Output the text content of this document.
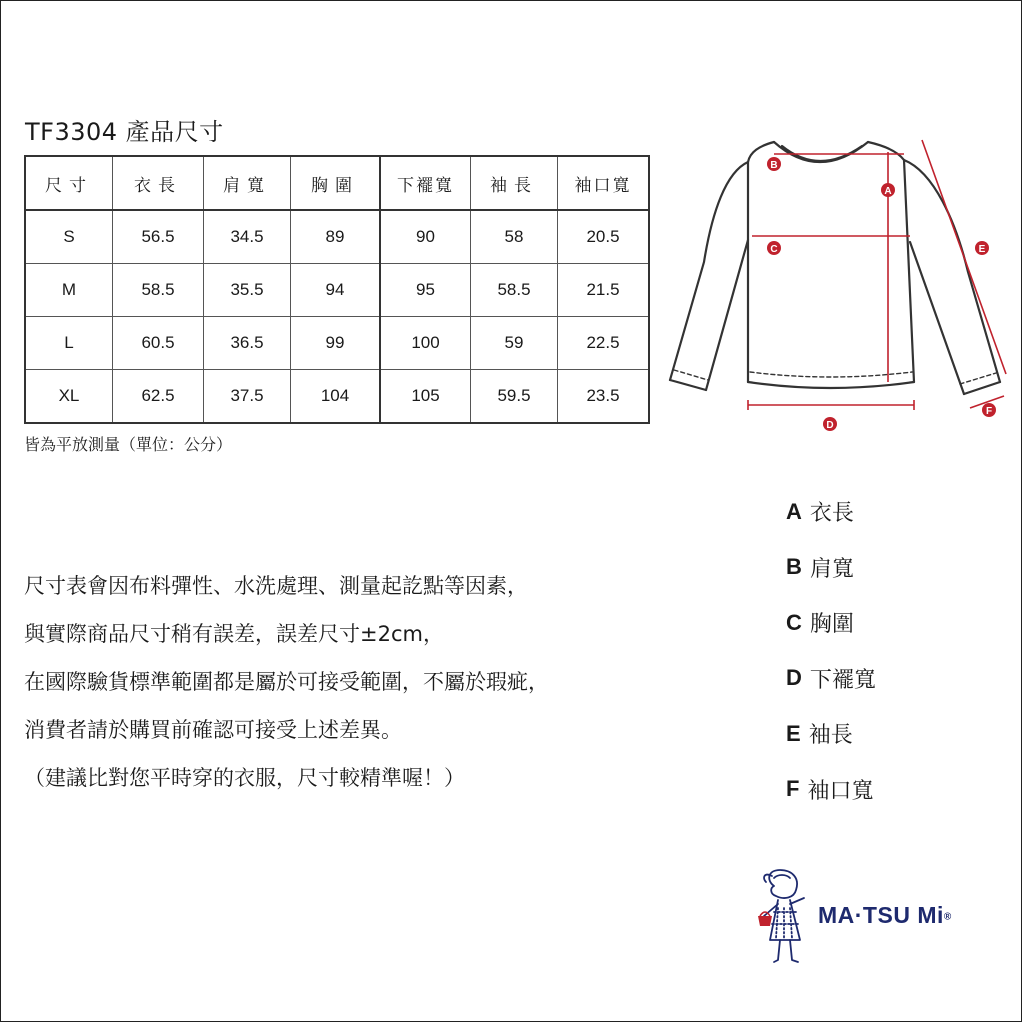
TF3304 產品尺寸
尺寸	衣長	肩寬	胸圍	下襬寬	袖長	袖口寬
S	56.5	34.5	89	90	58	20.5
M	58.5	35.5	94	95	58.5	21.5
L	60.5	36.5	99	100	59	22.5
XL	62.5	37.5	104	105	59.5	23.5
皆為平放測量（單位：公分）
尺寸表會因布料彈性、水洗處理、測量起訖點等因素，
與實際商品尺寸稍有誤差，誤差尺寸±2cm，
在國際驗貨標準範圍都是屬於可接受範圍，不屬於瑕疵，
消費者請於購買前確認可接受上述差異。
（建議比對您平時穿的衣服，尺寸較精準喔！）
B
A
C	E
D
F
A 衣長
B 肩寬
C 胸圍
D 下襬寬
E 袖長
F 袖口寬
MA·TSU Mi®
